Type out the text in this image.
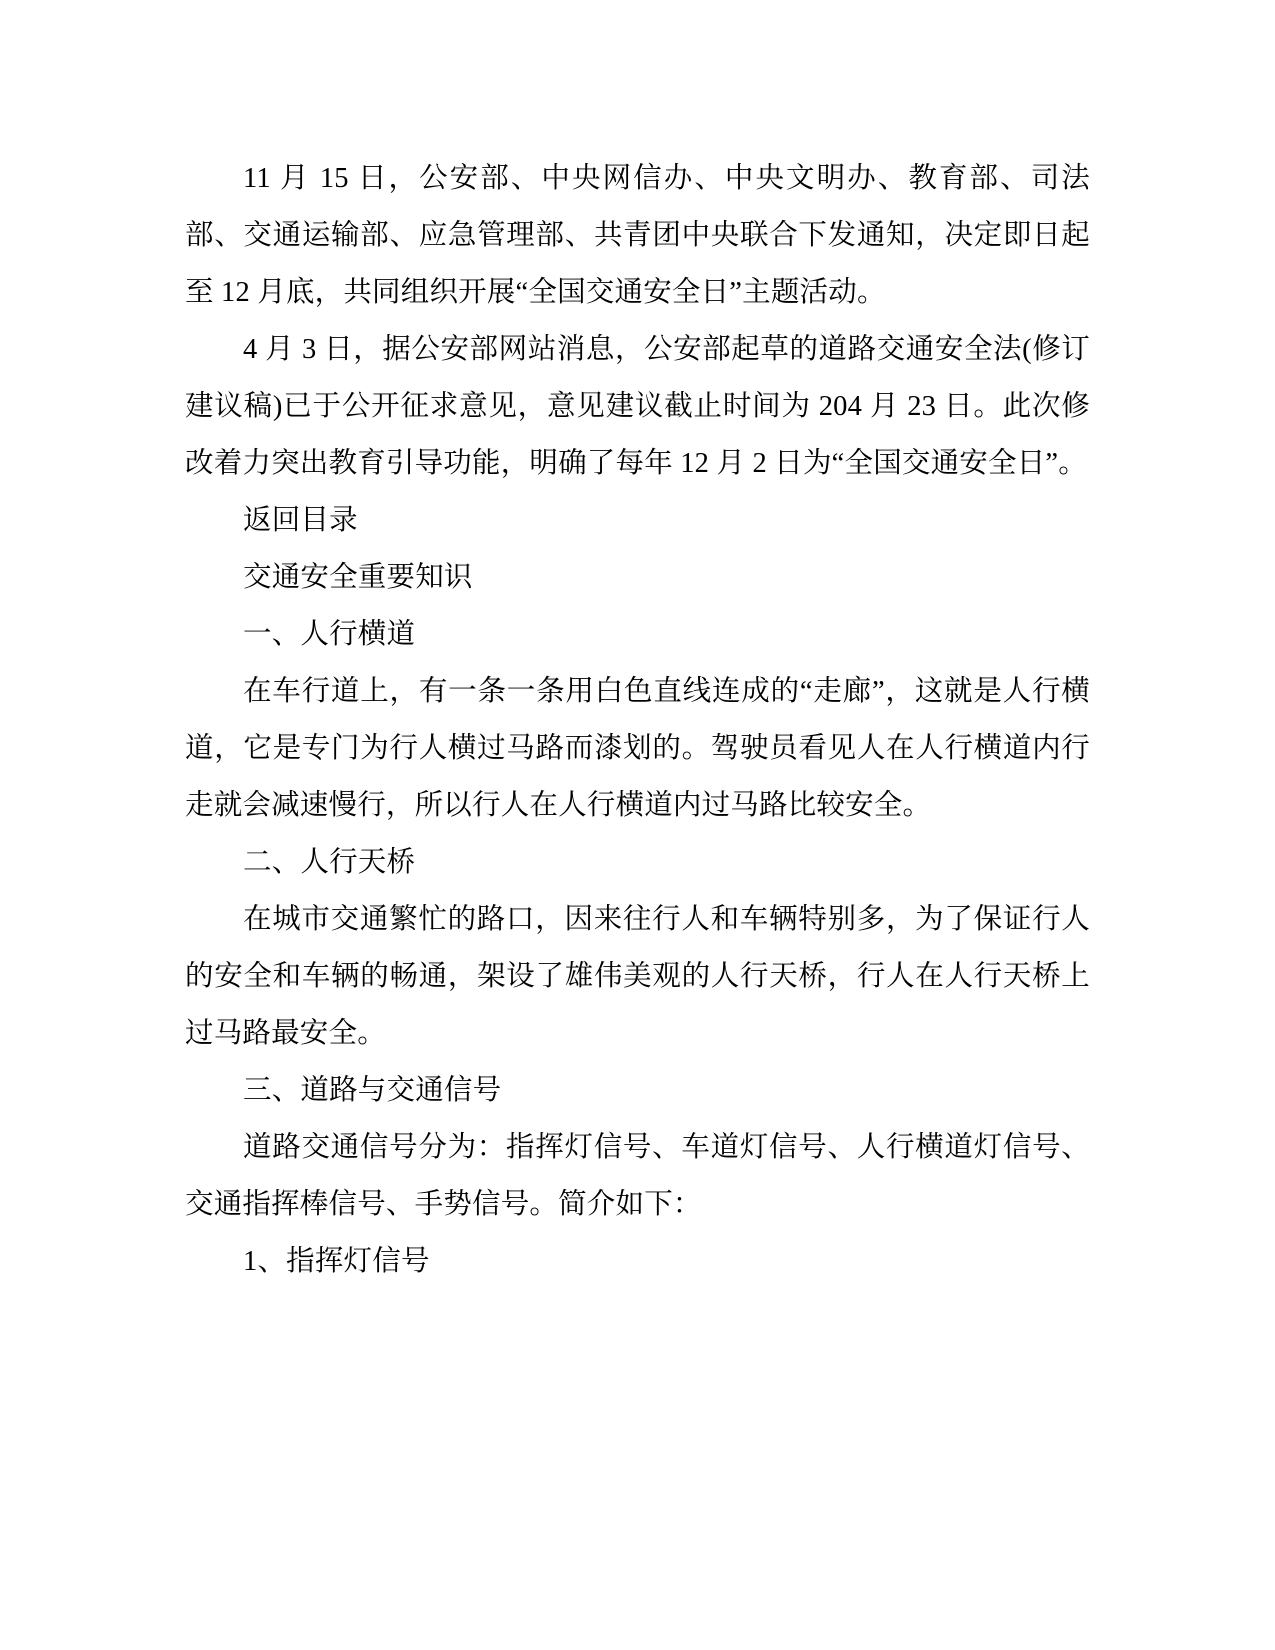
11 月 15 日，公安部、中央网信办、中央文明办、教育部、司法部、交通运输部、应急管理部、共青团中央联合下发通知，决定即日起至 12 月底，共同组织开展“全国交通安全日”主题活动。

4 月 3 日，据公安部网站消息，公安部起草的道路交通安全法(修订建议稿)已于公开征求意见，意见建议截止时间为 204 月 23 日。此次修改着力突出教育引导功能，明确了每年 12 月 2 日为“全国交通安全日”。

返回目录

交通安全重要知识

一、人行横道

在车行道上，有一条一条用白色直线连成的“走廊”，这就是人行横道，它是专门为行人横过马路而漆划的。驾驶员看见人在人行横道内行走就会减速慢行，所以行人在人行横道内过马路比较安全。

二、人行天桥

在城市交通繁忙的路口，因来往行人和车辆特别多，为了保证行人的安全和车辆的畅通，架设了雄伟美观的人行天桥，行人在人行天桥上过马路最安全。

三、道路与交通信号

道路交通信号分为：指挥灯信号、车道灯信号、人行横道灯信号、交通指挥棒信号、手势信号。简介如下：

1、指挥灯信号
